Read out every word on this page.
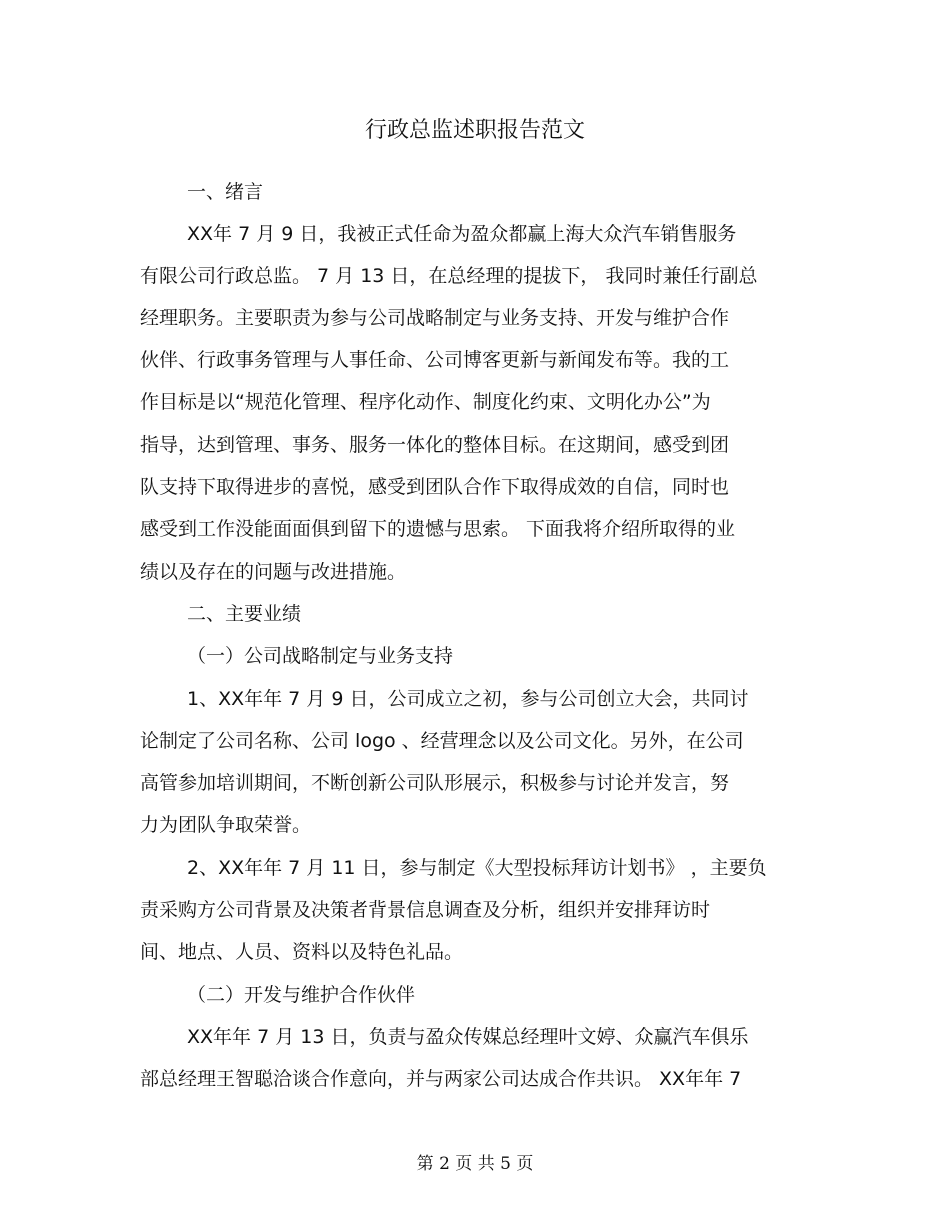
行政总监述职报告范文
一、绪言
XX年 7 月 9 日，我被正式任命为盈众都赢上海大众汽车销售服务
有限公司行政总监。 7 月 13 日，在总经理的提拔下， 我同时兼任行副总
经理职务。主要职责为参与公司战略制定与业务支持、开发与维护合作
伙伴、行政事务管理与人事任命、公司博客更新与新闻发布等。我的工
作目标是以“规范化管理、程序化动作、制度化约束、文明化办公”为
指导，达到管理、事务、服务一体化的整体目标。在这期间，感受到团
队支持下取得进步的喜悦，感受到团队合作下取得成效的自信，同时也
感受到工作没能面面俱到留下的遗憾与思索。 下面我将介绍所取得的业
绩以及存在的问题与改进措施。
二、主要业绩
（一）公司战略制定与业务支持
1、XX年年 7 月 9 日，公司成立之初，参与公司创立大会，共同讨
论制定了公司名称、公司 logo 、经营理念以及公司文化。另外，在公司
高管参加培训期间，不断创新公司队形展示，积极参与讨论并发言，努
力为团队争取荣誉。
2、XX年年 7 月 11 日，参与制定《大型投标拜访计划书》 ，主要负
责采购方公司背景及决策者背景信息调查及分析，组织并安排拜访时
间、地点、人员、资料以及特色礼品。
（二）开发与维护合作伙伴
XX年年 7 月 13 日，负责与盈众传媒总经理叶文婷、众赢汽车俱乐
部总经理王智聪洽谈合作意向，并与两家公司达成合作共识。 XX年年 7
第 2 页 共 5 页
